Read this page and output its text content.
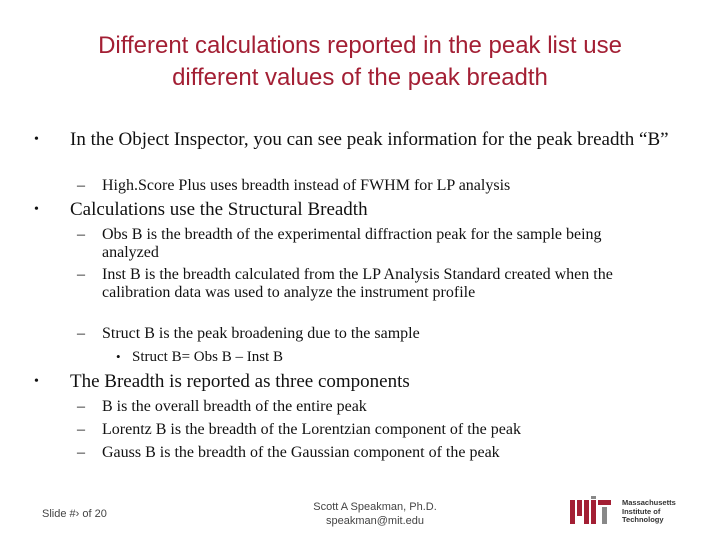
Different calculations reported in the peak list use
different values of the peak breadth
• In the Object Inspector, you can see peak information for the peak breadth “B”
– High.Score Plus uses breadth instead of FWHM for LP analysis
• Calculations use the Structural Breadth
– Obs B is the breadth of the experimental diffraction peak for the sample being analyzed
– Inst B is the breadth calculated from the LP Analysis Standard created when the calibration data was used to analyze the instrument profile
– Struct B is the peak broadening due to the sample
• Struct B= Obs B – Inst B
• The Breadth is reported as three components
– B is the overall breadth of the entire peak
– Lorentz B is the breadth of the Lorentzian component of the peak
– Gauss B is the breadth of the Gaussian component of the peak
Slide #› of 20
Scott A Speakman, Ph.D.
speakman@mit.edu
Massachusetts
Institute of
Technology
